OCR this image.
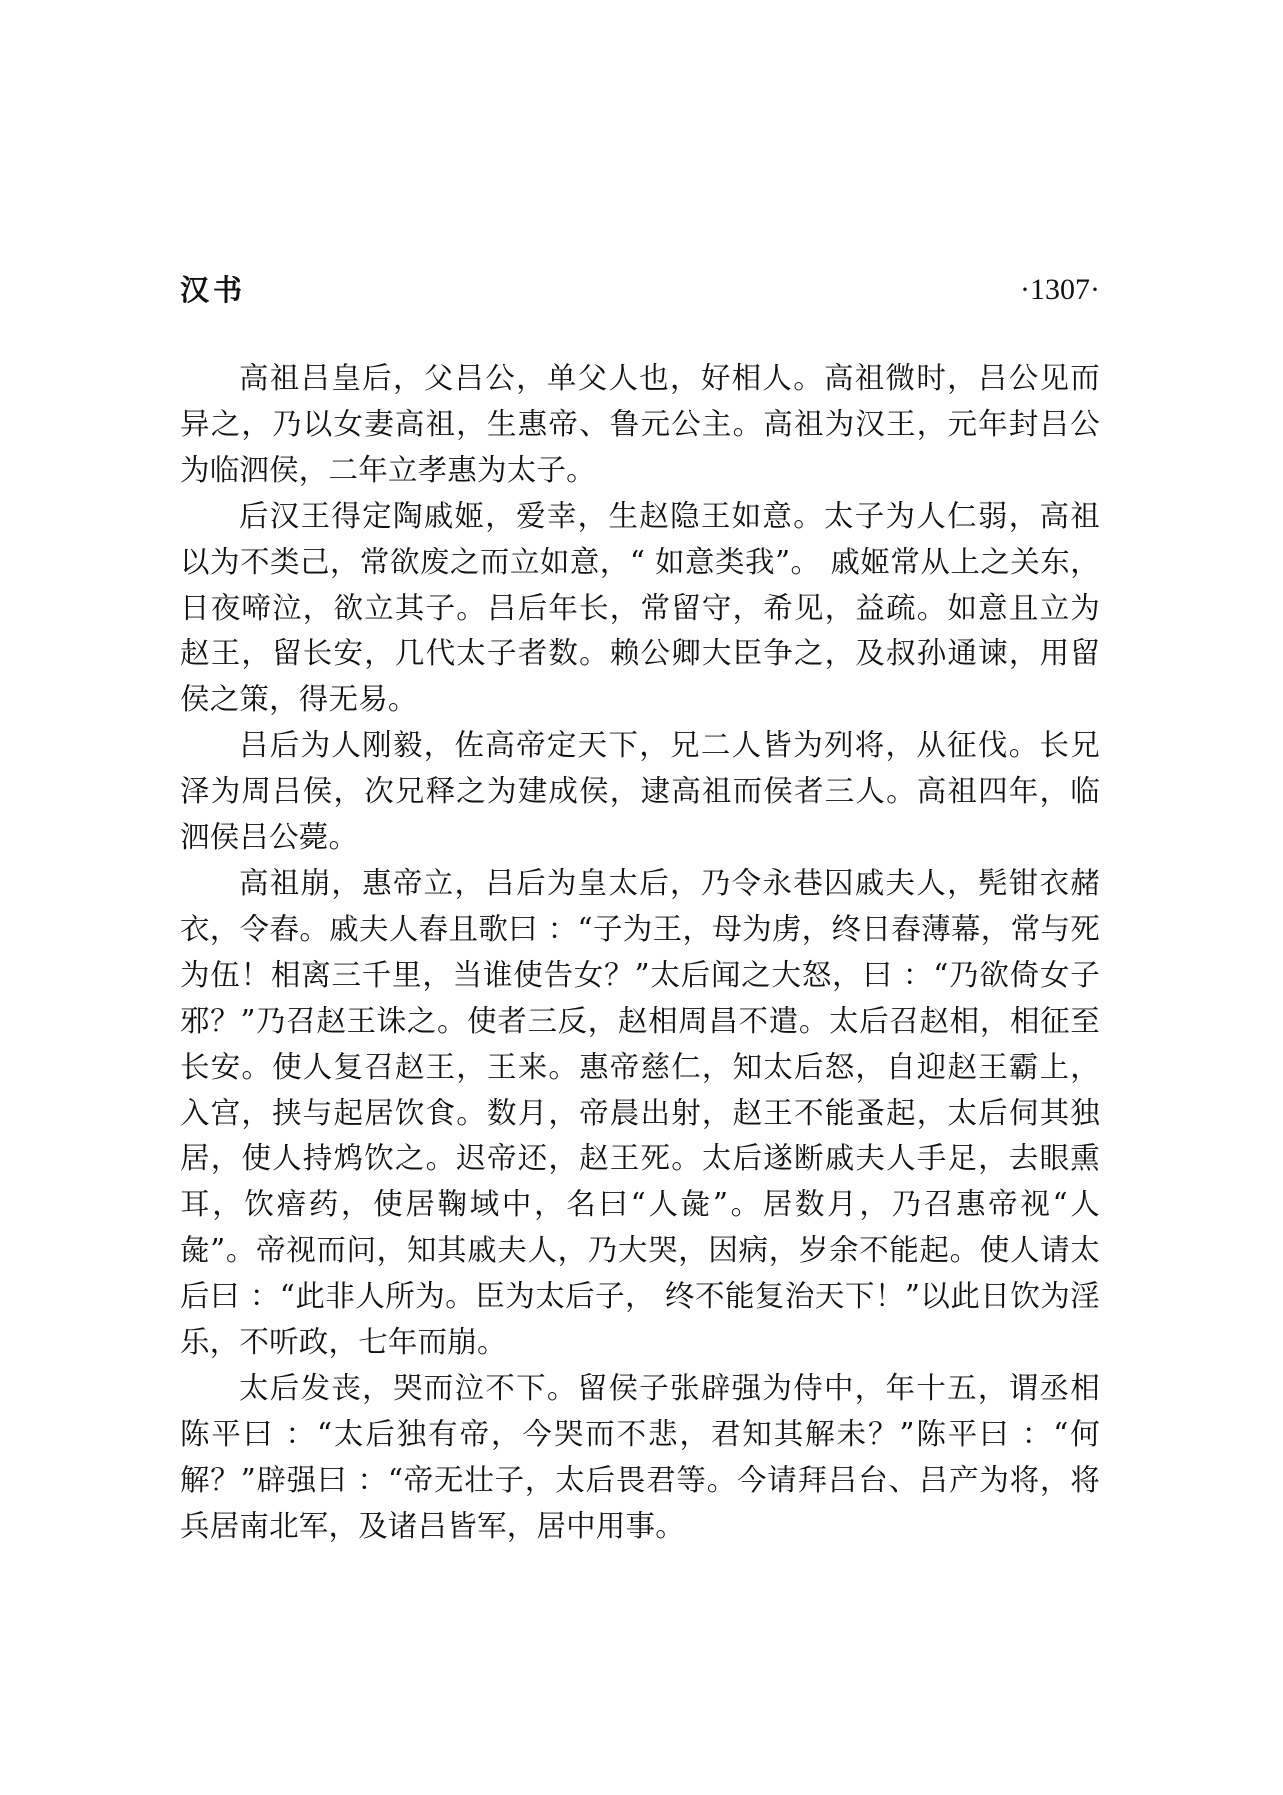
汉书	·1307·

高祖吕皇后，父吕公，单父人也，好相人。高祖微时，吕公见而异之，乃以女妻高祖，生惠帝、鲁元公主。高祖为汉王，元年封吕公为临泗侯，二年立孝惠为太子。

后汉王得定陶戚姬，爱幸，生赵隐王如意。太子为人仁弱，高祖以为不类己，常欲废之而立如意，“ 如意类我”。 戚姬常从上之关东，日夜啼泣，欲立其子。吕后年长，常留守，希见，益疏。如意且立为赵王，留长安，几代太子者数。赖公卿大臣争之，及叔孙通谏，用留侯之策，得无易。

吕后为人刚毅，佐高帝定天下，兄二人皆为列将，从征伐。长兄泽为周吕侯，次兄释之为建成侯，逮高祖而侯者三人。高祖四年，临泗侯吕公薨。

高祖崩，惠帝立，吕后为皇太后，乃令永巷囚戚夫人，髡钳衣赭衣，令舂。戚夫人舂且歌曰 ：“子为王，母为虏，终日舂薄幕，常与死为伍！相离三千里，当谁使告女？”太后闻之大怒，曰 ：“乃欲倚女子邪？”乃召赵王诛之。使者三反，赵相周昌不遣。太后召赵相，相征至长安。使人复召赵王，王来。惠帝慈仁，知太后怒，自迎赵王霸上，入宫，挟与起居饮食。数月，帝晨出射，赵王不能蚤起，太后伺其独居，使人持鸩饮之。迟帝还，赵王死。太后遂断戚夫人手足，去眼熏耳，饮瘖药，使居鞠域中，名曰“人彘”。居数月，乃召惠帝视“人彘”。帝视而问，知其戚夫人，乃大哭，因病，岁余不能起。使人请太后曰 ：“此非人所为。臣为太后子， 终不能复治天下！”以此日饮为淫乐，不听政，七年而崩。

太后发丧，哭而泣不下。留侯子张辟强为侍中，年十五，谓丞相陈平曰 ：“太后独有帝，今哭而不悲，君知其解未？”陈平曰 ：“何解？”辟强曰 ：“帝无壮子，太后畏君等。今请拜吕台、吕产为将，将兵居南北军，及诸吕皆军，居中用事。
